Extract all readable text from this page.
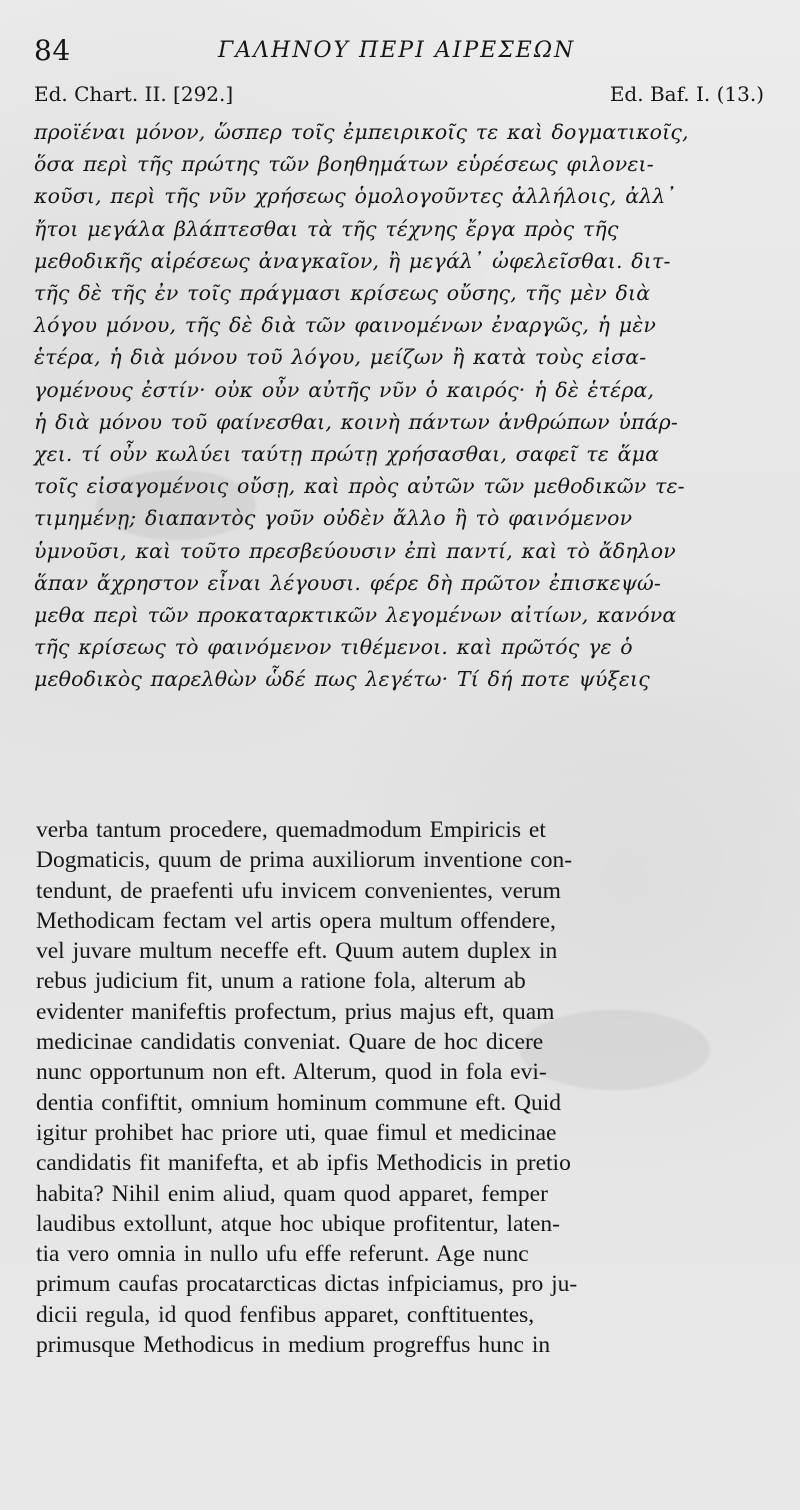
84	ΓΑΛΗΝΟΥ ΠΕΡΙ ΑΙΡΕΣΕΩΝ
Ed. Chart. II. [292.]	Ed. Baf. I. (13.)
προϊέναι μόνον, ὥσπερ τοῖς ἐμπειρικοῖς τε καὶ δογματικοῖς,
ὅσα περὶ τῆς πρώτης τῶν βοηθημάτων εὑρέσεως φιλονει-
κοῦσι, περὶ τῆς νῦν χρήσεως ὁμολογοῦντες ἀλλήλοις, ἀλλ᾽
ἤτοι μεγάλα βλάπτεσθαι τὰ τῆς τέχνης ἔργα πρὸς τῆς
μεθοδικῆς αἱρέσεως ἀναγκαῖον, ἢ μεγάλ᾽ ὠφελεῖσθαι. διτ-
τῆς δὲ τῆς ἐν τοῖς πράγμασι κρίσεως οὔσης, τῆς μὲν διὰ
λόγου μόνου, τῆς δὲ διὰ τῶν φαινομένων ἐναργῶς, ἡ μὲν
ἑτέρα, ἡ διὰ μόνου τοῦ λόγου, μείζων ἢ κατὰ τοὺς εἰσα-
γομένους ἐστίν· οὐκ οὖν αὐτῆς νῦν ὁ καιρός· ἡ δὲ ἑτέρα,
ἡ διὰ μόνου τοῦ φαίνεσθαι, κοινὴ πάντων ἀνθρώπων ὑπάρ-
χει. τί οὖν κωλύει ταύτῃ πρώτῃ χρήσασθαι, σαφεῖ τε ἅμα
τοῖς εἰσαγομένοις οὔσῃ, καὶ πρὸς αὐτῶν τῶν μεθοδικῶν τε-
τιμημένῃ; διαπαντὸς γοῦν οὐδὲν ἄλλο ἢ τὸ φαινόμενον
ὑμνοῦσι, καὶ τοῦτο πρεσβεύουσιν ἐπὶ παντί, καὶ τὸ ἄδηλον
ἅπαν ἄχρηστον εἶναι λέγουσι. φέρε δὴ πρῶτον ἐπισκεψώ-
μεθα περὶ τῶν προκαταρκτικῶν λεγομένων αἰτίων, κανόνα
τῆς κρίσεως τὸ φαινόμενον τιθέμενοι. καὶ πρῶτός γε ὁ
μεθοδικὸς παρελθὼν ὧδέ πως λεγέτω· Τί δή ποτε ψύξεις
verba tantum procedere, quemadmodum Empiricis et
Dogmaticis, quum de prima auxiliorum inventione con-
tendunt, de praefenti ufu invicem convenientes, verum
Methodicam fectam vel artis opera multum offendere,
vel juvare multum neceffe eft. Quum autem duplex in
rebus judicium fit, unum a ratione fola, alterum ab
evidenter manifeftis profectum, prius majus eft, quam
medicinae candidatis conveniat. Quare de hoc dicere
nunc opportunum non eft. Alterum, quod in fola evi-
dentia confiftit, omnium hominum commune eft. Quid
igitur prohibet hac priore uti, quae fimul et medicinae
candidatis fit manifefta, et ab ipfis Methodicis in pretio
habita? Nihil enim aliud, quam quod apparet, femper
laudibus extollunt, atque hoc ubique profitentur, laten-
tia vero omnia in nullo ufu effe referunt. Age nunc
primum caufas procatarcticas dictas infpiciamus, pro ju-
dicii regula, id quod fenfibus apparet, conftituentes,
primusque Methodicus in medium progreffus hunc in
